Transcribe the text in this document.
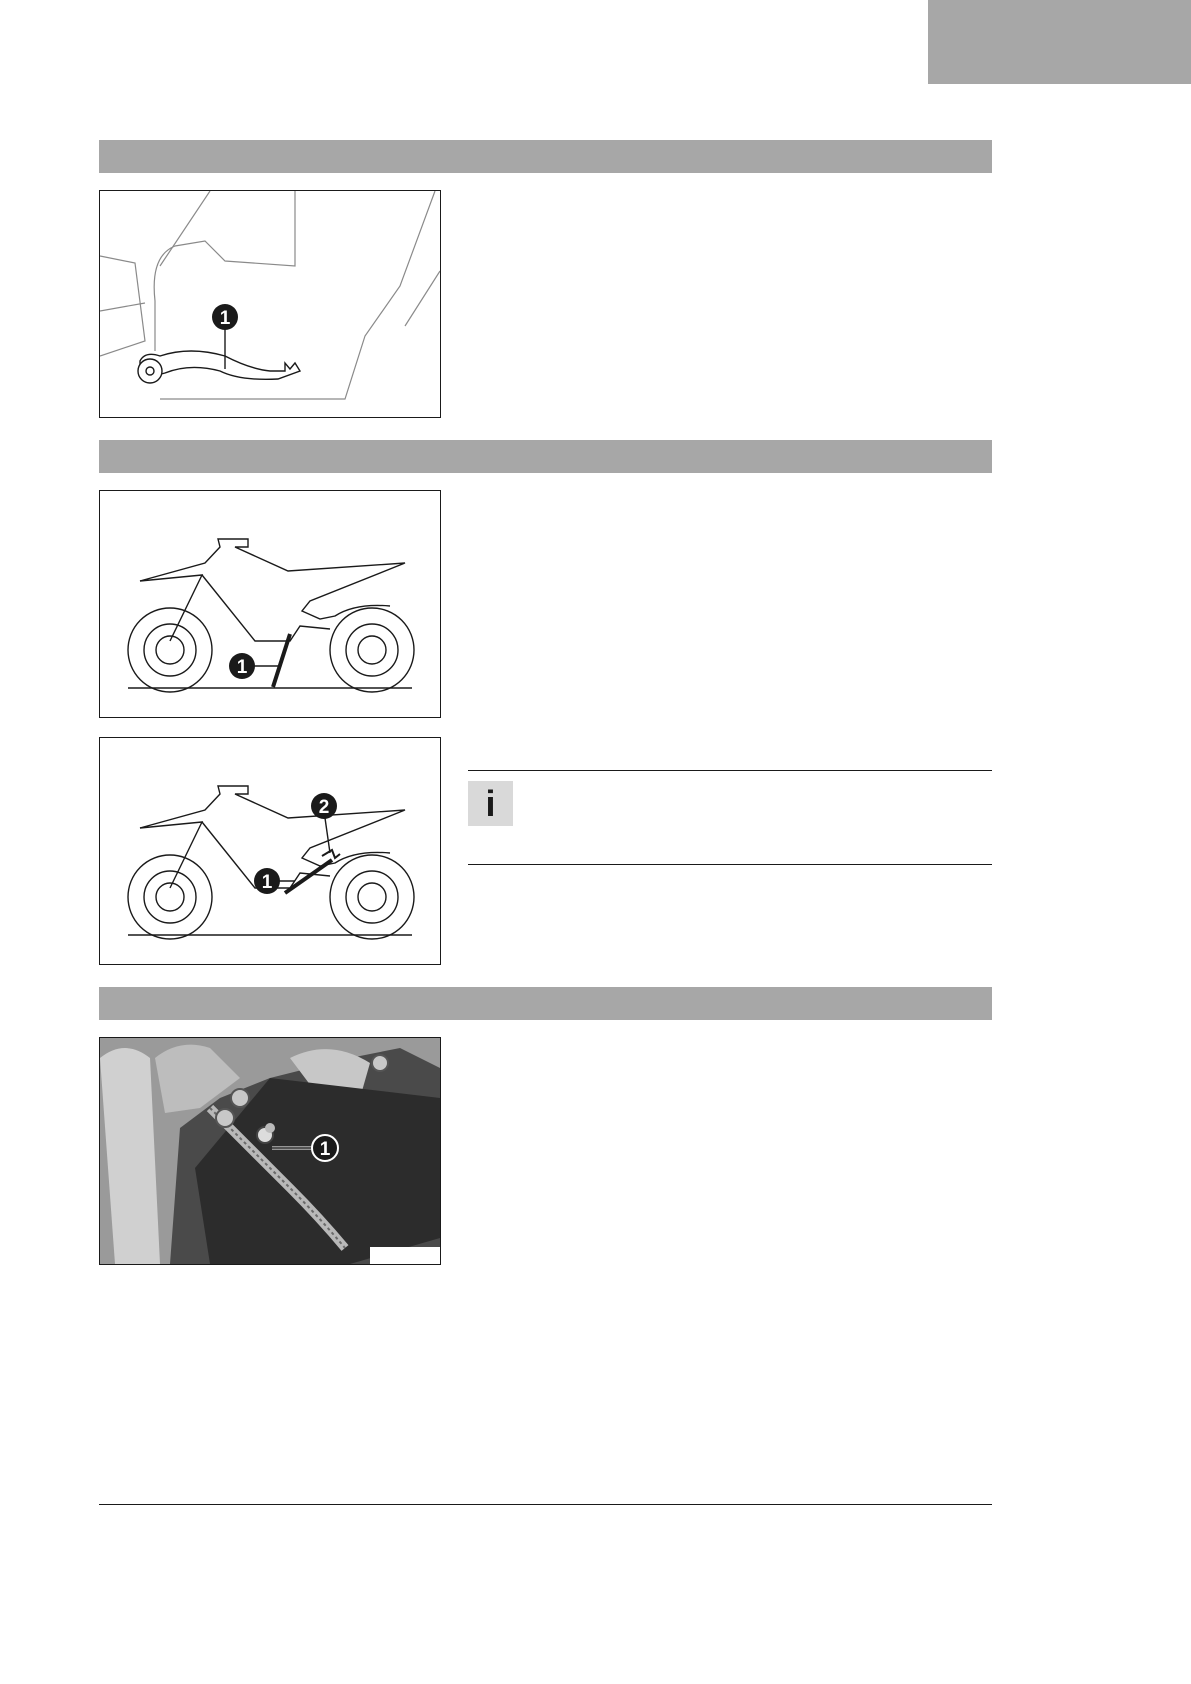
1
1
1
2	i
1
